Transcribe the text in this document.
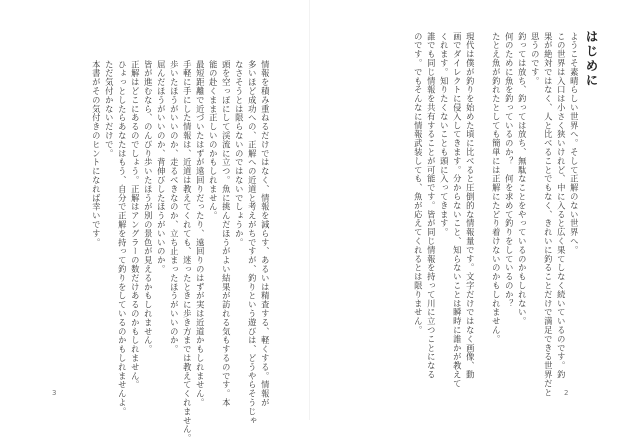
はじめに
ようこそ素晴らしい世界へ。そして正解のない世界へ。
この世界は入口は小さく狭いけれど、中に入ると広く果てしなく続いているのです。釣
果が絶対ではなく、人と比べることでもなく、きれいに釣ることだけで満足できる世界だと
思うのです。
釣っては放ち、釣っては放ち、無駄なことをやっているのかもしれない。
何のために魚を釣っているのか？　何を求めて釣りをしているのか？
たとえ魚が釣れたとしても簡単には正解にたどり着けないのかもしれません。
現代は僕が釣りを始めた頃に比べると圧倒的な情報量です。文字だけではなく画像、動
画でダイレクトに侵入してきます。分からないこと、知らないことは瞬時に誰かが教えて
くれます。知りたくないことも頭に入ってきます。
誰でも同じ情報を共有することが可能です。皆が同じ情報を持って川に立つことになる
のです。でもそんなに情報武装しても、魚が応えてくれるとは限りません。
2
情報を積み重ねるだけではなく、情報を減らす、あるいは精査する、軽くする。情報が
多いほど成功への、正解への近道と考えがちですが、釣りという遊びは、どうやらそうじゃ
なさそうとは限らないのではないでしょうか。
頭を空っぽにして渓流に立つ。魚に挑んだほうがよい結果が訪れる気もするのです。本
能の赴くまま正しいのかもしれません。
最短距離で近づいたはずが遠回りだったり、遠回りのはずが実は近道かもしれません。
手軽に手にした情報は、近道は教えてくれても、迷ったときに歩き方までは教えてくれません。
歩いたほうがいいのか、走るべきなのか、立ち止まったほうがいいのか。
屈んだほうがいいのか、背伸びしたほうがいいのか。
皆が進むなら、のんびり歩いたほうが別の景色が見えるかもしれません。
正解はどこにあるのでしょう。正解はアングラーの数だけあるのかもしれません。
ひょっとしたらあなたはもう、自分で正解を持って釣りをしているのかもしれませんよ。
ただ気付かないだけで。
本書がその気付きのヒントになれば幸いです。
3
